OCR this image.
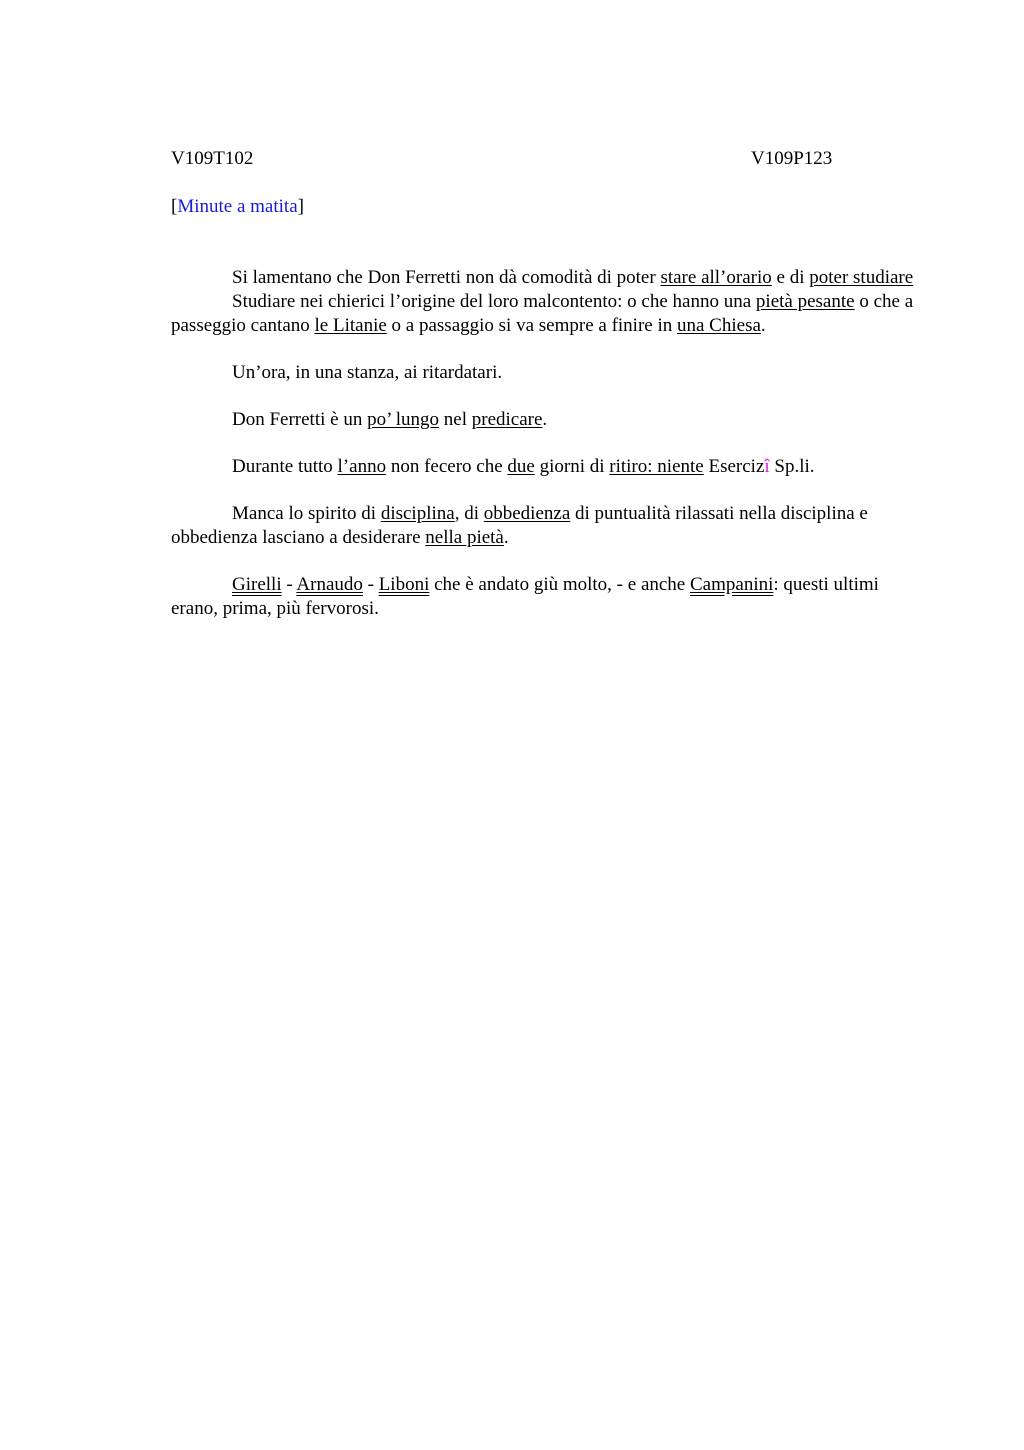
V109T102	V109P123
[Minute a matita]

Si lamentano che Don Ferretti non dà comodità di poter stare all’orario e di poter studiare

Studiare nei chierici l’origine del loro malcontento: o che hanno una pietà pesante o che a passeggio cantano le Litanie o a passaggio si va sempre a finire in una Chiesa.

Un’ora, in una stanza, ai ritardatari.

Don Ferretti è un po’ lungo nel predicare.

Durante tutto l’anno non fecero che due giorni di ritiro: niente Esercizî Sp.li.

Manca lo spirito di disciplina, di obbedienza di puntualità rilassati nella disciplina e obbedienza lasciano a desiderare nella pietà.

Girelli - Arnaudo - Liboni che è andato giù molto, - e anche Campanini: questi ultimi erano, prima, più fervorosi.
